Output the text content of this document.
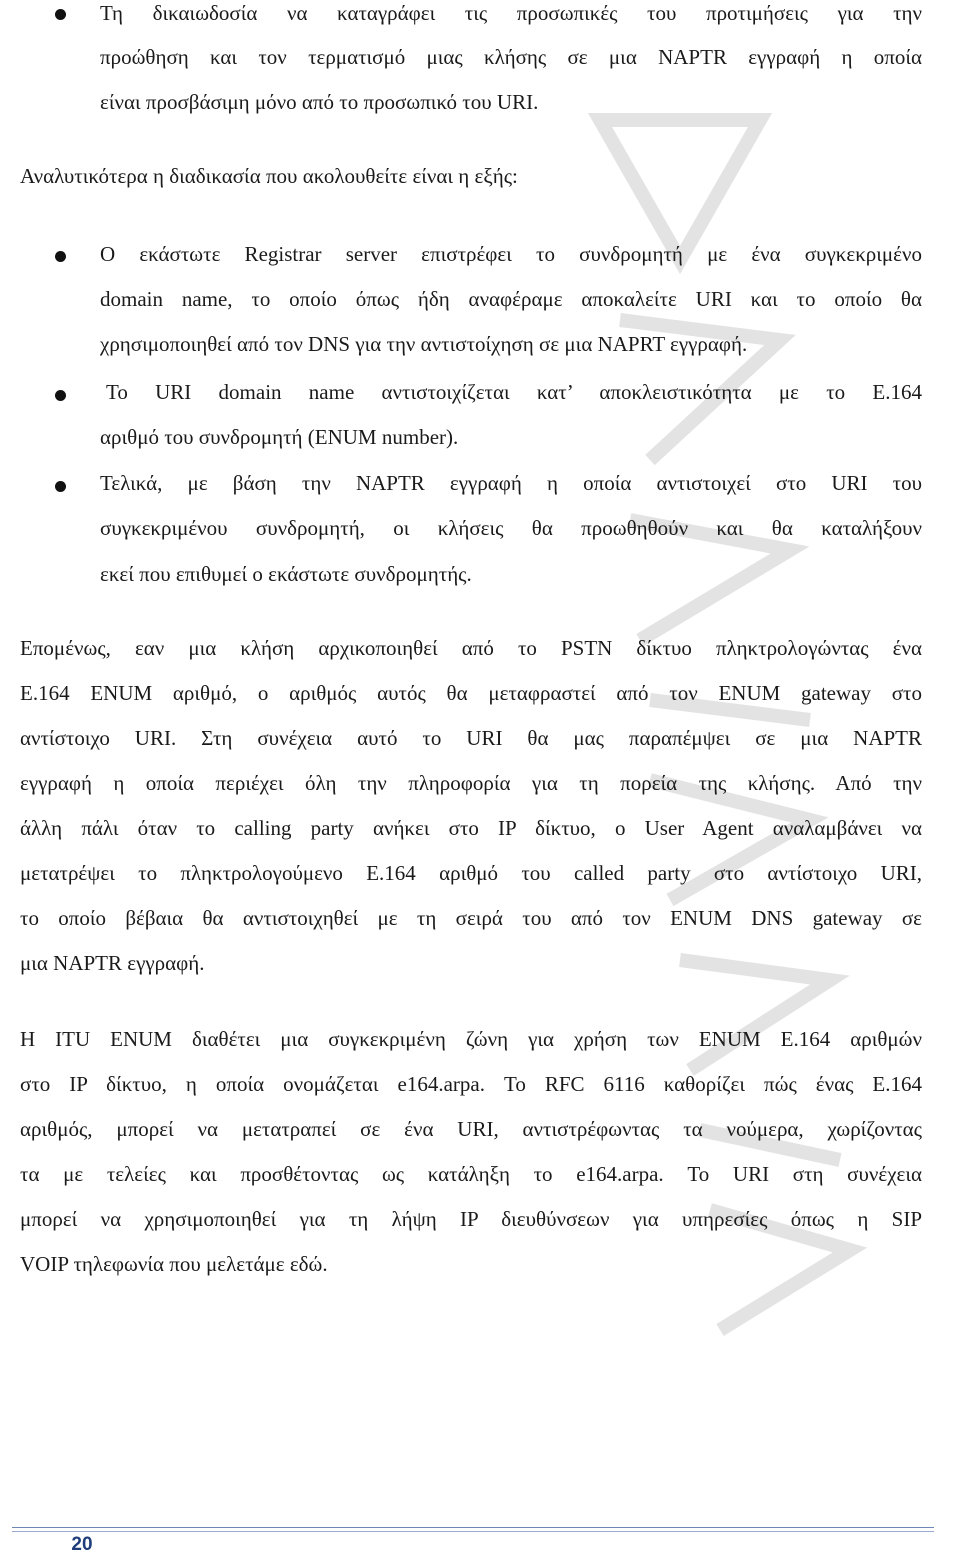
Τη δικαιωδοσία να καταγράφει τις προσωπικές του προτιμήσεις για την
προώθηση και τον τερματισμό μιας κλήσης σε μια NAPTR εγγραφή η οποία
είναι προσβάσιμη μόνο από το προσωπικό του URI.
Αναλυτικότερα η διαδικασία που ακολουθείτε είναι η εξής:
Ο εκάστωτε Registrar server επιστρέφει το συνδρομητή με ένα συγκεκριμένο
domain name, το οποίο όπως ήδη αναφέραμε αποκαλείτε URI και το οποίο θα
χρησιμοποιηθεί από τον DNS για την αντιστοίχηση σε μια NAPRT εγγραφή.
Το URI domain name αντιστοιχίζεται κατ’ αποκλειστικότητα με το E.164
αριθμό του συνδρομητή (ENUM number).
Τελικά, με βάση την NAPTR εγγραφή η οποία αντιστοιχεί στο URI του
συγκεκριμένου συνδρομητή, οι κλήσεις θα προωθηθούν και θα καταλήξουν
εκεί που επιθυμεί ο εκάστωτε συνδρομητής.
Επομένως, εαν μια κλήση αρχικοποιηθεί από το PSTN δίκτυο πληκτρολογώντας ένα
E.164 ENUM αριθμό, ο αριθμός αυτός θα μεταφραστεί από τον ENUM gateway στο
αντίστοιχο URI. Στη συνέχεια αυτό το URI θα μας παραπέμψει σε μια NAPTR
εγγραφή η οποία περιέχει όλη την πληροφορία για τη πορεία της κλήσης. Από την
άλλη πάλι όταν το calling party ανήκει στο IP δίκτυο, ο User Agent αναλαμβάνει να
μετατρέψει το πληκτρολογούμενο E.164 αριθμό του called party στο αντίστοιχο URI,
το οποίο βέβαια θα αντιστοιχηθεί με τη σειρά του από τον ENUM DNS gateway σε
μια NAPTR εγγραφή.
Η ITU ENUM διαθέτει μια συγκεκριμένη ζώνη για χρήση των ENUM E.164 αριθμών
στο IP δίκτυο, η οποία ονομάζεται e164.arpa. Το RFC 6116 καθορίζει πώς ένας E.164
αριθμός, μπορεί να μετατραπεί σε ένα URI, αντιστρέφωντας τα νούμερα, χωρίζοντας
τα με τελείες και προσθέτοντας ως κατάληξη το e164.arpa. Το URI στη συνέχεια
μπορεί να χρησιμοποιηθεί για τη λήψη IP διευθύνσεων για υπηρεσίες όπως η SIP
VOIP τηλεφωνία που μελετάμε εδώ.
20
